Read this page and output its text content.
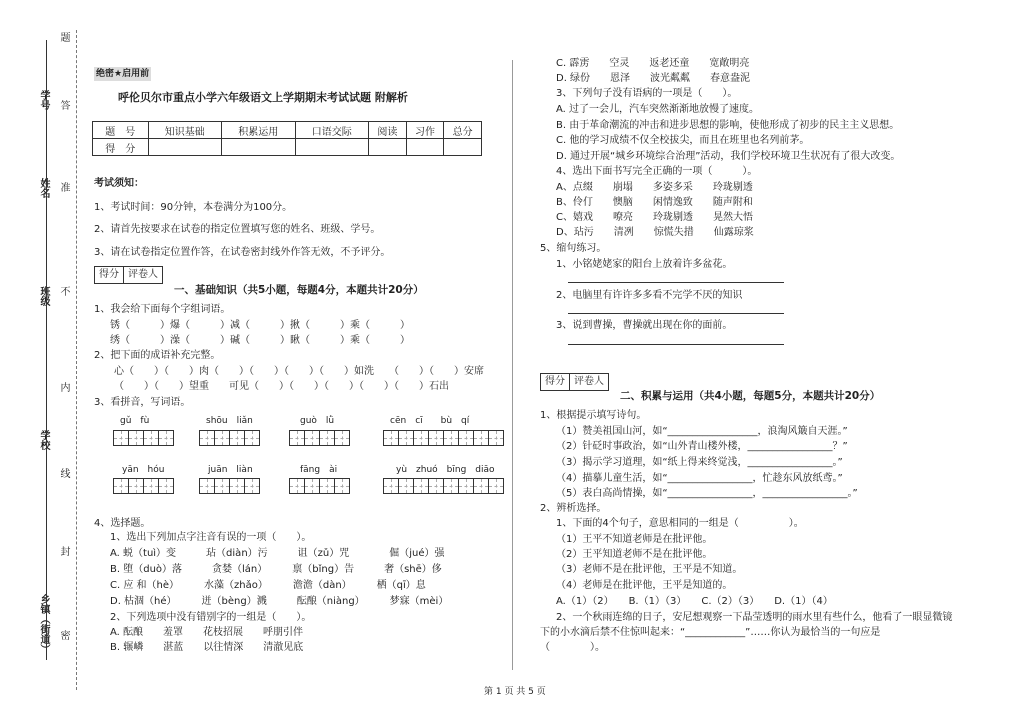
题
学号 答
姓名 准
班级 不
内
学校
线
封
乡镇（街道） 密
绝密★启用前
呼伦贝尔市重点小学六年级语文上学期期末考试试题 附解析
题　号	知识基础	积累运用	口语交际	阅读	习作	总分
得　分						
考试须知：
1、考试时间：90分钟，本卷满分为100分。
2、请首先按要求在试卷的指定位置填写您的姓名、班级、学号。
3、请在试卷指定位置作答，在试卷密封线外作答无效，不予评分。
得分 评卷人
一、基础知识（共5小题，每题4分，本题共计20分）
1、我会给下面每个字组词语。
锈（　　　）爆（　　　）减（　　　）揪（　　　）乘（　　　）
绣（　　　）澡（　　　）碱（　　　）瞅（　　　）乘（　　　）
2、把下面的成语补充完整。
心（　　）（　　）肉（　　）（　　）（　　）（　　）如洗　　（　　）（　　）安席
（　　）（　　）望重　　可见（　　）（　　）（　　）（　　）（　　）石出
3、看拼音，写词语。
gǔ　fù	shōu　liǎn	guò　lǜ	cēn　cī　　bù　qí
yān　hóu	juān　liàn	fāng　ài	yù　zhuó　bīng　diāo
4、选择题。
1、选出下列加点字注音有误的一项（　　）。
A. 蜕（tuì）变　　　玷（diàn）污　　　诅（zǔ）咒　　　　倔（jué）强
B. 堕（duò）落　　　贪婪（lán）　　　禀（bǐng）告　　　奢（shē）侈
C. 应 和（hè）　　　水藻（zhǎo）　　　澹澹（dàn）　　　栖（qī）息
D. 枯涸（hé）　　　迸（bèng）溅　　　酝酿（niàng）　　　梦寐（mèi）
2、下列选项中没有错别字的一组是（　　）。
A. 酝酿　　羞罩　　花枝招展　　呼朋引伴
B. 辗嶙　　湛蓝　　以往情深　　清澈见底
C. 霹雳　　空灵　　返老还童　　宽敞明亮
D. 绿份　　恩泽　　波光粼粼　　春意盎泥
3、下列句子没有语病的一项是（　　）。
A. 过了一会儿，汽车突然渐渐地放慢了速度。
B. 由于革命潮流的冲击和进步思想的影响，使他形成了初步的民主主义思想。
C. 他的学习成绩不仅全校拔尖，而且在班里也名列前茅。
D. 通过开展“城乡环境综合治理”活动，我们学校环境卫生状况有了很大改变。
4、选出下面书写完全正确的一项（　　　）。
A、点缀　　崩塌　　多姿多采　　玲珑剔透
B、伶仃　　懊脑　　闲情逸致　　随声附和
C、嬉戏　　嘹亮　　玲珑剔透　　晃然大悟
D、玷污　　清冽　　惊慌失措　　仙露琼浆
5、缩句练习。
1、小铭姥姥家的阳台上放着许多盆花。
2、电脑里有许许多多看不完学不厌的知识
3、说到曹操，曹操就出现在你的面前。
得分 评卷人
二、积累与运用（共4小题，每题5分，本题共计20分）
1、根据提示填写诗句。
（1）赞美祖国山河，如“__________________，浪淘风簸自天涯。”
（2）针砭时事政治，如“山外青山楼外楼，_________________？”
（3）揭示学习道理，如“纸上得来终觉浅，_________________。”
（4）描摹儿童生活，如“_________________，忙趁东风放纸鸢。”
（5）表白高尚情操，如“_________________，_________________。”
2、辨析选择。
1、下面的4个句子，意思相同的一组是（　　　　　）。
（1）王平不知道老师是在批评他。
（2）王平知道老师不是在批评他。
（3）老师不是在批评他，王平是不知道。
（4）老师是在批评他，王平是知道的。
A.（1）（2）　　B.（1）（3）　　C.（2）（3）　　D.（1）（4）
2、一个秋雨连绵的日子，安尼想观察一下晶莹透明的雨水里有些什么，他看了一眼显微镜
下的小水滴后禁不住惊叫起来：“____________”……你认为最恰当的一句应是
（　　　　）。
第 1 页 共 5 页
